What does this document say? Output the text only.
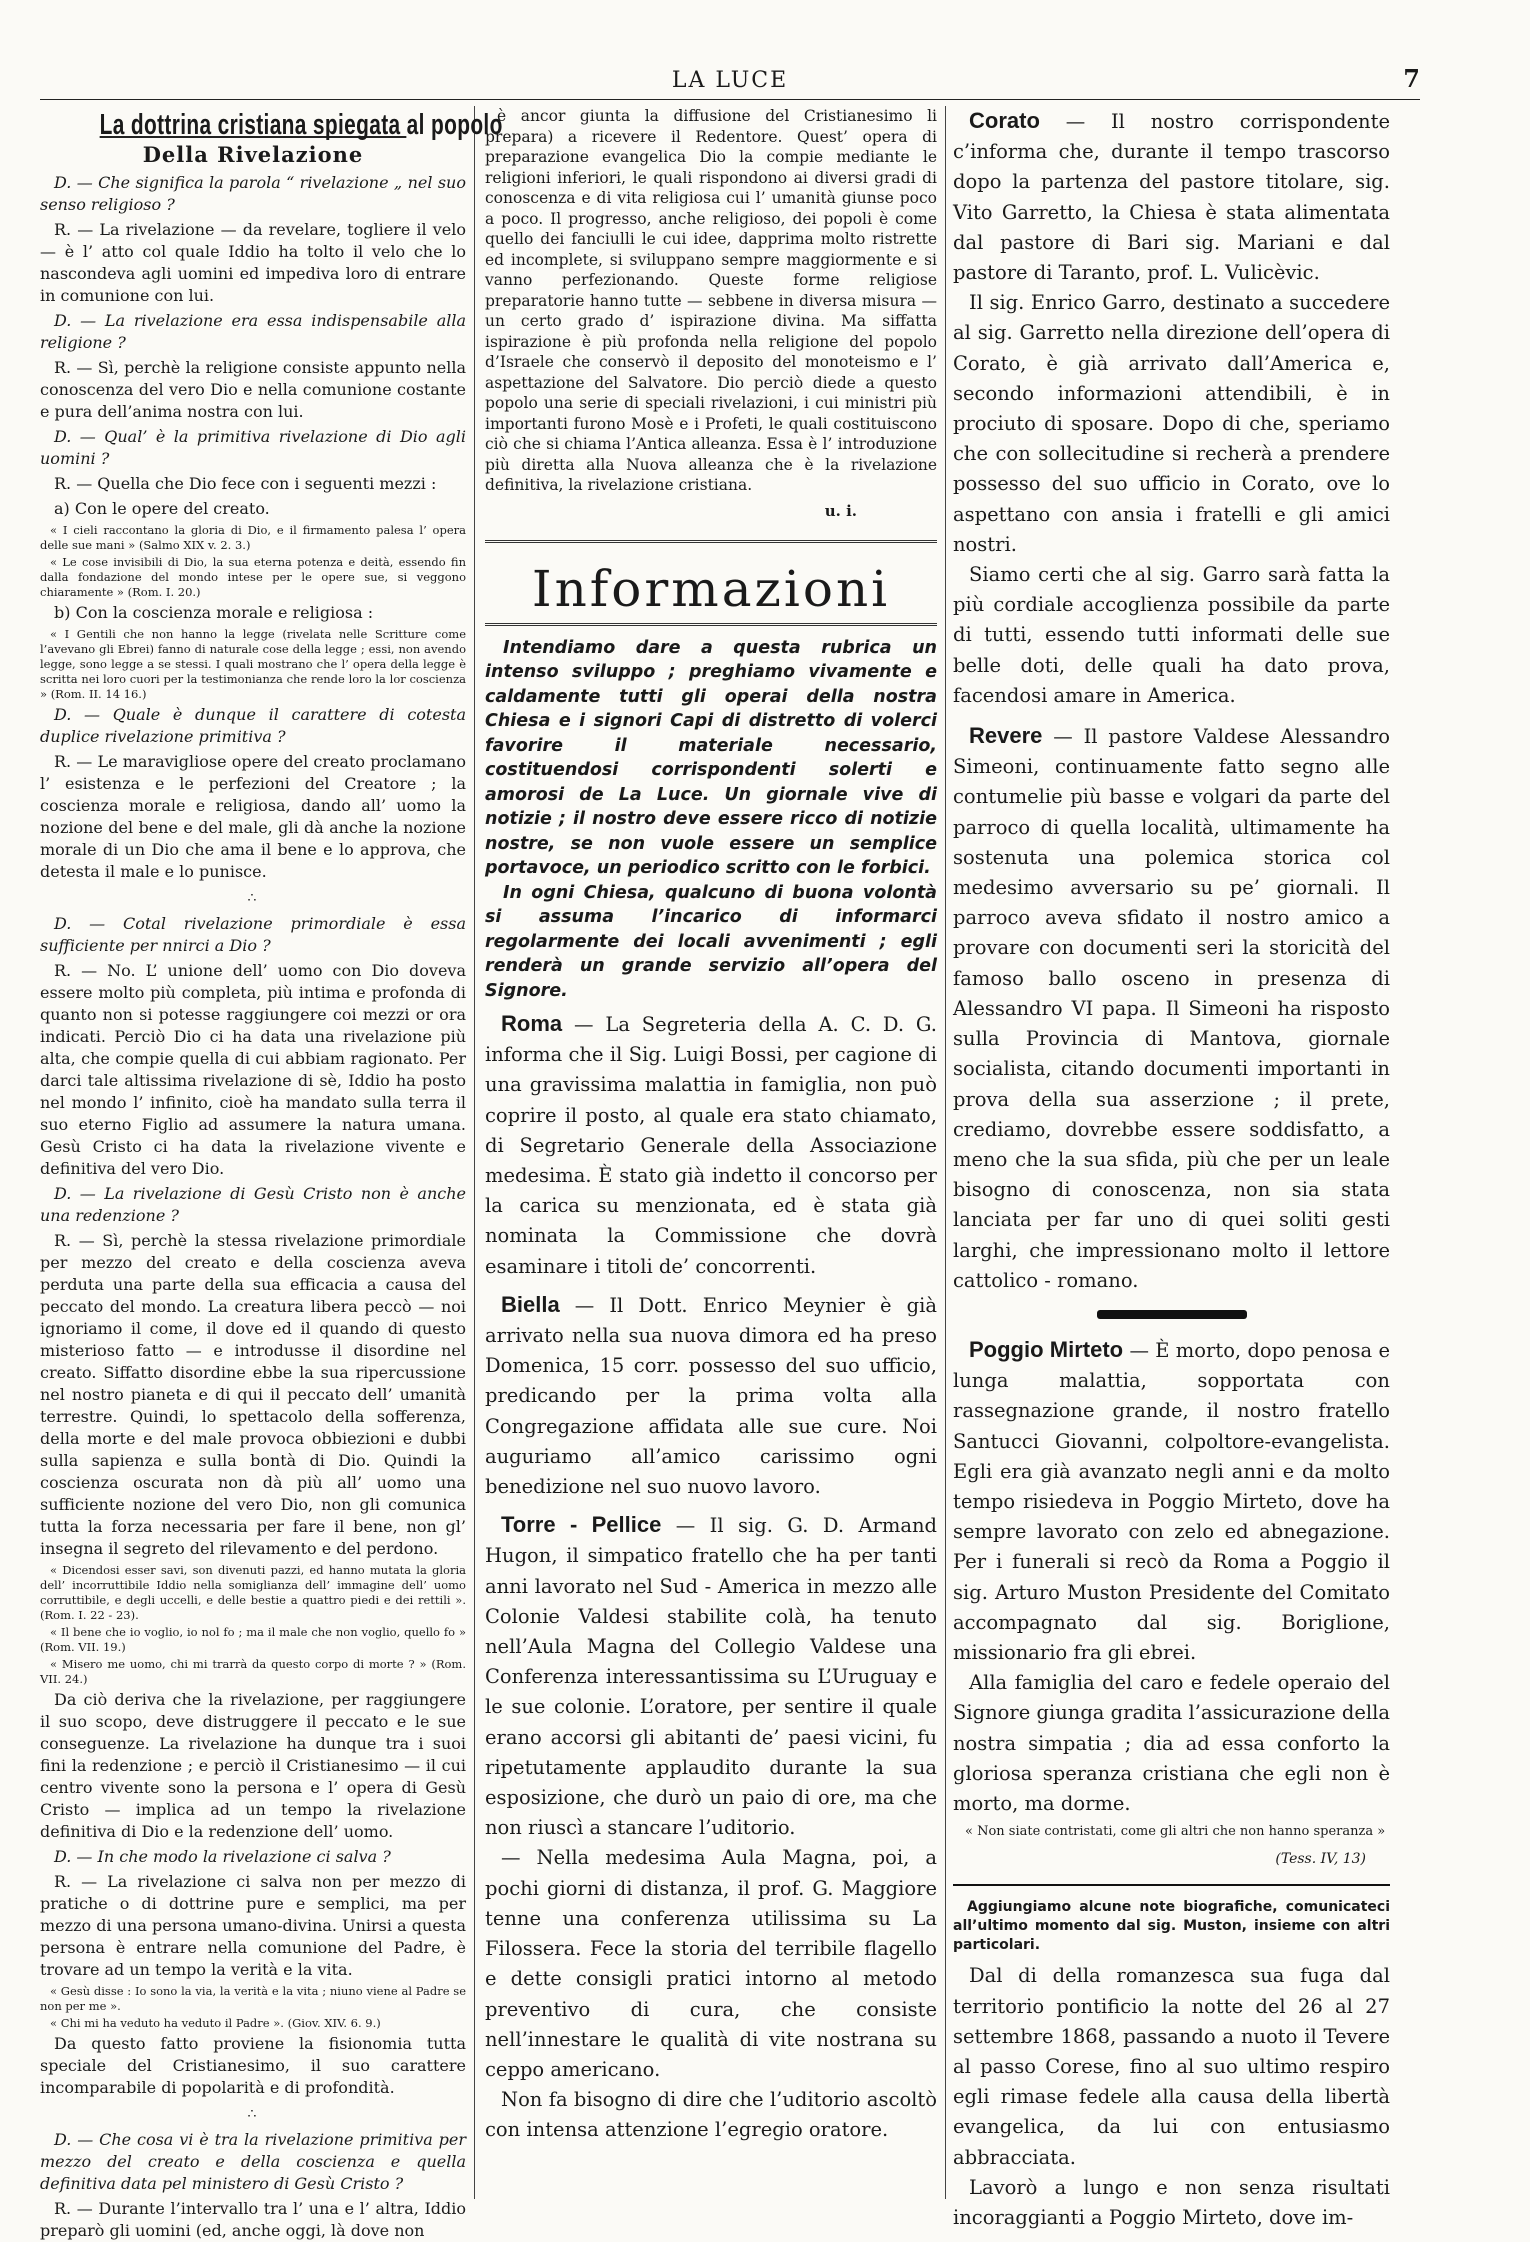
LA LUCE	7
La dottrina cristiana spiegata al popolo
Della Rivelazione

D. — Che significa la parola “ rivelazione „ nel suo senso religioso ?

R. — La rivelazione — da revelare, togliere il velo — è l’ atto col quale Iddio ha tolto il velo che lo nascondeva agli uomini ed impediva loro di entrare in comunione con lui.

D. — La rivelazione era essa indispensabile alla religione ?

R. — Sì, perchè la religione consiste appunto nella conoscenza del vero Dio e nella comunione costante e pura dell’anima nostra con lui.

D. — Qual’ è la primitiva rivelazione di Dio agli uomini ?

R. — Quella che Dio fece con i seguenti mezzi :

a) Con le opere del creato.

« I cieli raccontano la gloria di Dio, e il firmamento palesa l’ opera delle sue mani » (Salmo XIX v. 2. 3.)

« Le cose invisibili di Dio, la sua eterna potenza e deità, essendo fin dalla fondazione del mondo intese per le opere sue, si veggono chiaramente » (Rom. I. 20.)

b) Con la coscienza morale e religiosa :

« I Gentili che non hanno la legge (rivelata nelle Scritture come l’avevano gli Ebrei) fanno di naturale cose della legge ; essi, non avendo legge, sono legge a se stessi. I quali mostrano che l’ opera della legge è scritta nei loro cuori per la testimonianza che rende loro la lor coscienza » (Rom. II. 14 16.)

D. — Quale è dunque il carattere di cotesta duplice rivelazione primitiva ?

R. — Le maravigliose opere del creato proclamano l’ esistenza e le perfezioni del Creatore ; la coscienza morale e religiosa, dando all’ uomo la nozione del bene e del male, gli dà anche la nozione morale di un Dio che ama il bene e lo approva, che detesta il male e lo punisce.

∴

D. — Cotal rivelazione primordiale è essa sufficiente per nnirci a Dio ?

R. — No. L’ unione dell’ uomo con Dio doveva essere molto più completa, più intima e profonda di quanto non si potesse raggiungere coi mezzi or ora indicati. Perciò Dio ci ha data una rivelazione più alta, che compie quella di cui abbiam ragionato. Per darci tale altissima rivelazione di sè, Iddio ha posto nel mondo l’ infinito, cioè ha mandato sulla terra il suo eterno Figlio ad assumere la natura umana. Gesù Cristo ci ha data la rivelazione vivente e definitiva del vero Dio.

D. — La rivelazione di Gesù Cristo non è anche una redenzione ?

R. — Sì, perchè la stessa rivelazione primordiale per mezzo del creato e della coscienza aveva perduta una parte della sua efficacia a causa del peccato del mondo. La creatura libera peccò — noi ignoriamo il come, il dove ed il quando di questo misterioso fatto — e introdusse il disordine nel creato. Siffatto disordine ebbe la sua ripercussione nel nostro pianeta e di qui il peccato dell’ umanità terrestre. Quindi, lo spettacolo della sofferenza, della morte e del male provoca obbiezioni e dubbi sulla sapienza e sulla bontà di Dio. Quindi la coscienza oscurata non dà più all’ uomo una sufficiente nozione del vero Dio, non gli comunica tutta la forza necessaria per fare il bene, non gl’ insegna il segreto del rilevamento e del perdono.

« Dicendosi esser savi, son divenuti pazzi, ed hanno mutata la gloria dell’ incorruttibile Iddio nella somiglianza dell’ immagine dell’ uomo corruttibile, e degli uccelli, e delle bestie a quattro piedi e dei rettili ». (Rom. I. 22 - 23).

« Il bene che io voglio, io nol fo ; ma il male che non voglio, quello fo » (Rom. VII. 19.)

« Misero me uomo, chi mi trarrà da questo corpo di morte ? » (Rom. VII. 24.)

Da ciò deriva che la rivelazione, per raggiungere il suo scopo, deve distruggere il peccato e le sue conseguenze. La rivelazione ha dunque tra i suoi fini la redenzione ; e perciò il Cristianesimo — il cui centro vivente sono la persona e l’ opera di Gesù Cristo — implica ad un tempo la rivelazione definitiva di Dio e la redenzione dell’ uomo.

D. — In che modo la rivelazione ci salva ?

R. — La rivelazione ci salva non per mezzo di pratiche o di dottrine pure e semplici, ma per mezzo di una persona umano-divina. Unirsi a questa persona è entrare nella comunione del Padre, è trovare ad un tempo la verità e la vita.

« Gesù disse : Io sono la via, la verità e la vita ; niuno viene al Padre se non per me ».

« Chi mi ha veduto ha veduto il Padre ». (Giov. XIV. 6. 9.)

Da questo fatto proviene la fisionomia tutta speciale del Cristianesimo, il suo carattere incomparabile di popolarità e di profondità.

∴

D. — Che cosa vi è tra la rivelazione primitiva per mezzo del creato e della coscienza e quella definitiva data pel ministero di Gesù Cristo ?

R. — Durante l’intervallo tra l’ una e l’ altra, Iddio preparò gli uomini (ed, anche oggi, là dove non

è ancor giunta la diffusione del Cristianesimo li prepara) a ricevere il Redentore. Quest’ opera di preparazione evangelica Dio la compie mediante le religioni inferiori, le quali rispondono ai diversi gradi di conoscenza e di vita religiosa cui l’ umanità giunse poco a poco. Il progresso, anche religioso, dei popoli è come quello dei fanciulli le cui idee, dapprima molto ristrette ed incomplete, si sviluppano sempre maggiormente e si vanno perfezionando. Queste forme religiose preparatorie hanno tutte — sebbene in diversa misura — un certo grado d’ ispirazione divina. Ma siffatta ispirazione è più profonda nella religione del popolo d’Israele che conservò il deposito del monoteismo e l’ aspettazione del Salvatore. Dio perciò diede a questo popolo una serie di speciali rivelazioni, i cui ministri più importanti furono Mosè e i Profeti, le quali costituiscono ciò che si chiama l’Antica alleanza. Essa è l’ introduzione più diretta alla Nuova alleanza che è la rivelazione definitiva, la rivelazione cristiana.

u. i.
Informazioni

Intendiamo dare a questa rubrica un intenso sviluppo ; preghiamo vivamente e caldamente tutti gli operai della nostra Chiesa e i signori Capi di distretto di volerci favorire il materiale necessario, costituendosi corrispondenti solerti e amorosi de La Luce. Un giornale vive di notizie ; il nostro deve essere ricco di notizie nostre, se non vuole essere un semplice portavoce, un periodico scritto con le forbici.

In ogni Chiesa, qualcuno di buona volontà si assuma l’incarico di informarci regolarmente dei locali avvenimenti ; egli renderà un grande servizio all’opera del Signore.

Roma — La Segreteria della A. C. D. G. informa che il Sig. Luigi Bossi, per cagione di una gravissima malattia in famiglia, non può coprire il posto, al quale era stato chiamato, di Segretario Generale della Associazione medesima. È stato già indetto il concorso per la carica su menzionata, ed è stata già nominata la Commissione che dovrà esaminare i titoli de’ concorrenti.

Biella — Il Dott. Enrico Meynier è già arrivato nella sua nuova dimora ed ha preso Domenica, 15 corr. possesso del suo ufficio, predicando per la prima volta alla Congregazione affidata alle sue cure. Noi auguriamo all’amico carissimo ogni benedizione nel suo nuovo lavoro.

Torre - Pellice — Il sig. G. D. Armand Hugon, il simpatico fratello che ha per tanti anni lavorato nel Sud - America in mezzo alle Colonie Valdesi stabilite colà, ha tenuto nell’Aula Magna del Collegio Valdese una Conferenza interessantissima su L’Uruguay e le sue colonie. L’oratore, per sentire il quale erano accorsi gli abitanti de’ paesi vicini, fu ripetutamente applaudito durante la sua esposizione, che durò un paio di ore, ma che non riuscì a stancare l’uditorio.

— Nella medesima Aula Magna, poi, a pochi giorni di distanza, il prof. G. Maggiore tenne una conferenza utilissima su La Filossera. Fece la storia del terribile flagello e dette consigli pratici intorno al metodo preventivo di cura, che consiste nell’innestare le qualità di vite nostrana su ceppo americano.

Non fa bisogno di dire che l’uditorio ascoltò con intensa attenzione l’egregio oratore.

Corato — Il nostro corrispondente c’informa che, durante il tempo trascorso dopo la partenza del pastore titolare, sig. Vito Garretto, la Chiesa è stata alimentata dal pastore di Bari sig. Mariani e dal pastore di Taranto, prof. L. Vulicèvic.

Il sig. Enrico Garro, destinato a succedere al sig. Garretto nella direzione dell’opera di Corato, è già arrivato dall’America e, secondo informazioni attendibili, è in prociuto di sposare. Dopo di che, speriamo che con sollecitudine si recherà a prendere possesso del suo ufficio in Corato, ove lo aspettano con ansia i fratelli e gli amici nostri.

Siamo certi che al sig. Garro sarà fatta la più cordiale accoglienza possibile da parte di tutti, essendo tutti informati delle sue belle doti, delle quali ha dato prova, facendosi amare in America.

Revere — Il pastore Valdese Alessandro Simeoni, continuamente fatto segno alle contumelie più basse e volgari da parte del parroco di quella località, ultimamente ha sostenuta una polemica storica col medesimo avversario su pe’ giornali. Il parroco aveva sfidato il nostro amico a provare con documenti seri la storicità del famoso ballo osceno in presenza di Alessandro VI papa. Il Simeoni ha risposto sulla Provincia di Mantova, giornale socialista, citando documenti importanti in prova della sua asserzione ; il prete, crediamo, dovrebbe essere soddisfatto, a meno che la sua sfida, più che per un leale bisogno di conoscenza, non sia stata lanciata per far uno di quei soliti gesti larghi, che impressionano molto il lettore cattolico - romano.

Poggio Mirteto — È morto, dopo penosa e lunga malattia, sopportata con rassegnazione grande, il nostro fratello Santucci Giovanni, colpoltore-evangelista. Egli era già avanzato negli anni e da molto tempo risiedeva in Poggio Mirteto, dove ha sempre lavorato con zelo ed abnegazione. Per i funerali si recò da Roma a Poggio il sig. Arturo Muston Presidente del Comitato accompagnato dal sig. Boriglione, missionario fra gli ebrei.

Alla famiglia del caro e fedele operaio del Signore giunga gradita l’assicurazione della nostra simpatia ; dia ad essa conforto la gloriosa speranza cristiana che egli non è morto, ma dorme.

« Non siate contristati, come gli altri che non hanno speranza »

(Tess. IV, 13)

Aggiungiamo alcune note biografiche, comunicateci all’ultimo momento dal sig. Muston, insieme con altri particolari.

Dal di della romanzesca sua fuga dal territorio pontificio la notte del 26 al 27 settembre 1868, passando a nuoto il Tevere al passo Corese, fino al suo ultimo respiro egli rimase fedele alla causa della libertà evangelica, da lui con entusiasmo abbracciata.

Lavorò a lungo e non senza risultati incoraggianti a Poggio Mirteto, dove im-
